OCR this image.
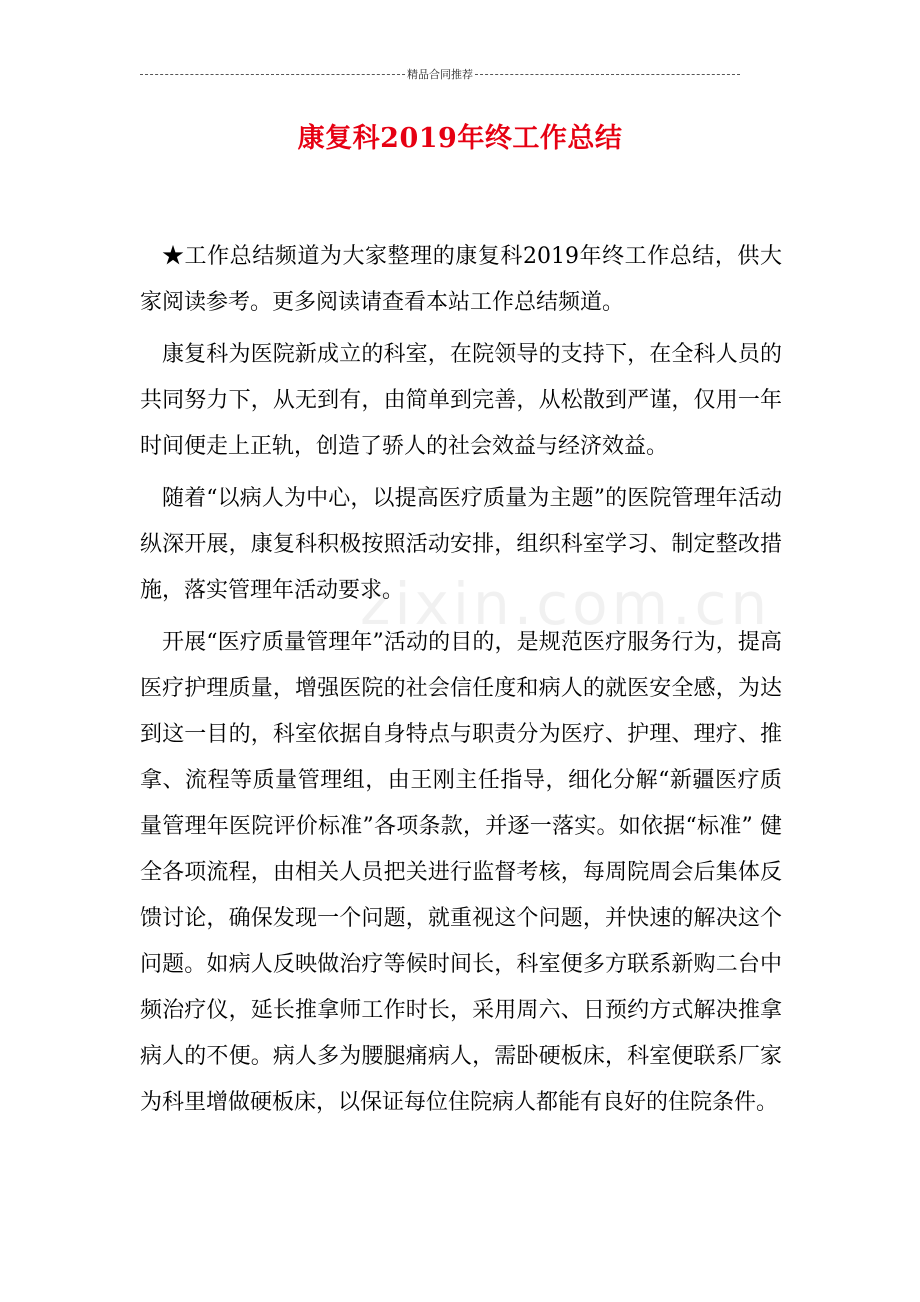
精品合同推荐
康复科2019年终工作总结
zixin.com.cn

★工作总结频道为大家整理的康复科2019年终工作总结，供大家阅读参考。更多阅读请查看本站工作总结频道。

康复科为医院新成立的科室，在院领导的支持下，在全科人员的共同努力下，从无到有，由简单到完善，从松散到严谨，仅用一年时间便走上正轨，创造了骄人的社会效益与经济效益。

随着“以病人为中心，以提高医疗质量为主题”的医院管理年活动纵深开展，康复科积极按照活动安排，组织科室学习、制定整改措施，落实管理年活动要求。

开展“医疗质量管理年”活动的目的，是规范医疗服务行为，提高医疗护理质量，增强医院的社会信任度和病人的就医安全感，为达到这一目的，科室依据自身特点与职责分为医疗、护理、理疗、推拿、流程等质量管理组，由王刚主任指导，细化分解“新疆医疗质量管理年医院评价标准”各项条款，并逐一落实。如依据“标准” 健全各项流程，由相关人员把关进行监督考核，每周院周会后集体反馈讨论，确保发现一个问题，就重视这个问题，并快速的解决这个问题。如病人反映做治疗等候时间长，科室便多方联系新购二台中频治疗仪，延长推拿师工作时长，采用周六、日预约方式解决推拿病人的不便。病人多为腰腿痛病人，需卧硬板床，科室便联系厂家为科里增做硬板床，以保证每位住院病人都能有良好的住院条件。
